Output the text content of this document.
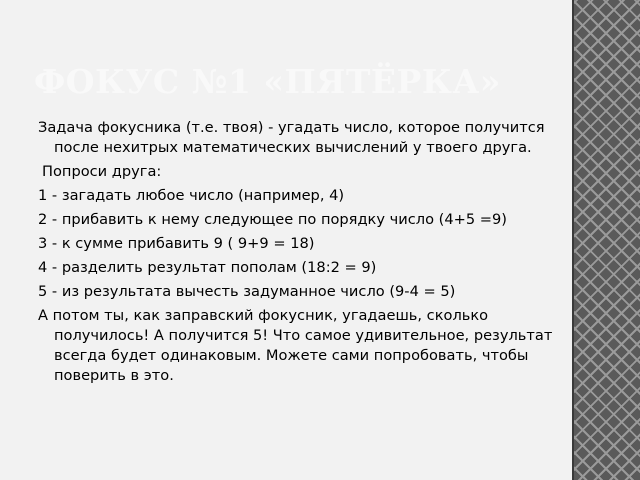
ФОКУС №1 «ПЯТЁРКА»

Задача фокусника (т.е. твоя) - угадать число, которое получится после нехитрых математических вычислений у твоего друга.

Попроси друга:

1 - загадать любое число (например, 4)

2 - прибавить к нему следующее по порядку число (4+5 =9)

3 - к сумме прибавить 9 ( 9+9 = 18)

4 - разделить результат пополам (18:2 = 9)

5 - из результата вычесть задуманное число (9-4 = 5)

А потом ты, как заправский фокусник, угадаешь, сколько получилось! А получится 5! Что самое удивительное, результат всегда будет одинаковым. Можете сами попробовать, чтобы поверить в это.
